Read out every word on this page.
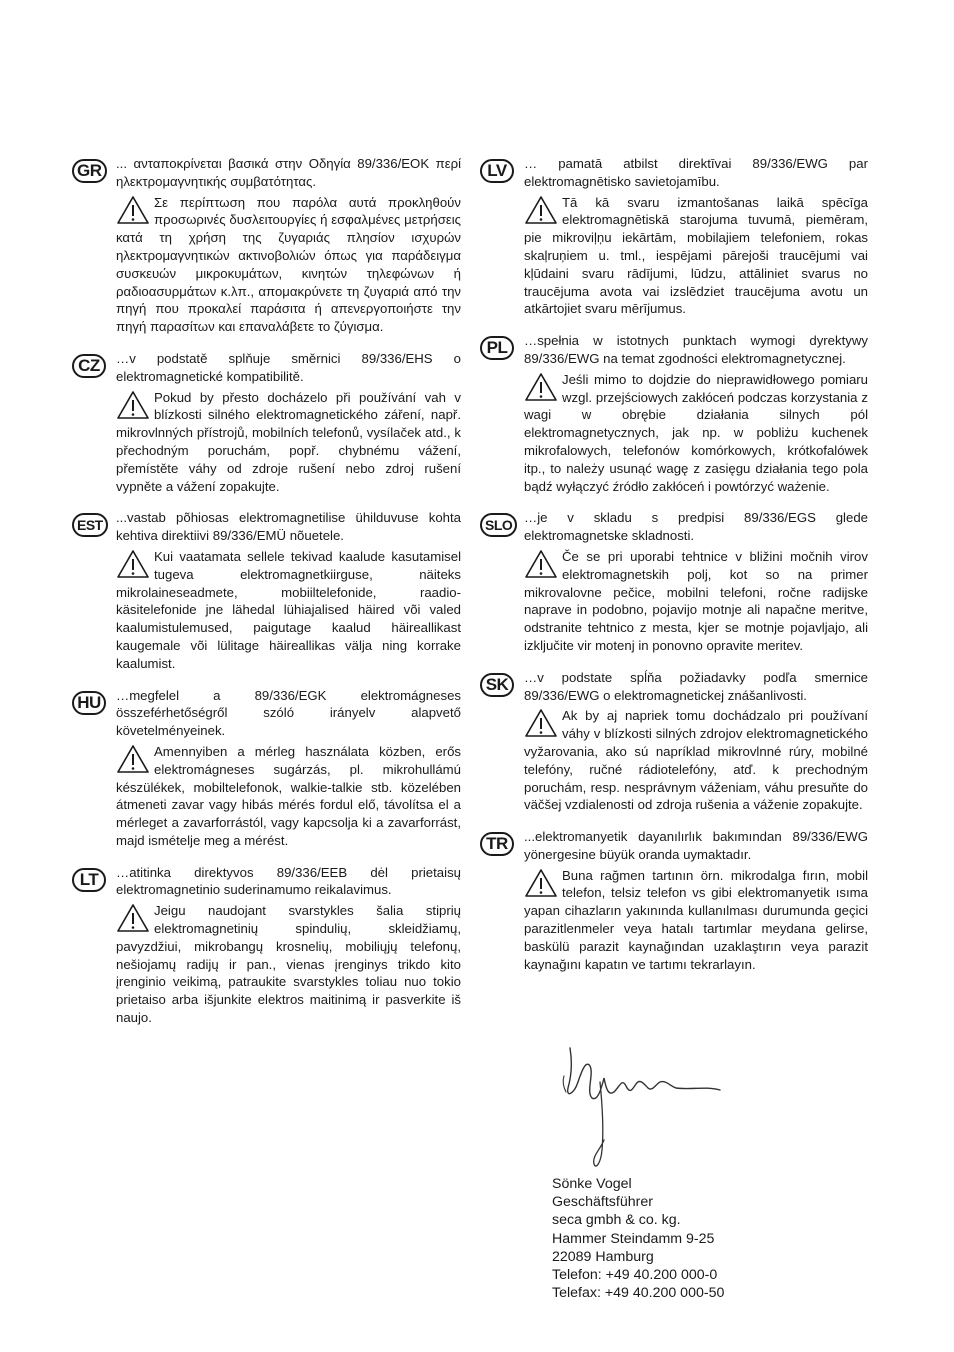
GR	... ανταποκρίνεται βασικά στην Οδηγία 89/336/ΕΟΚ περί ηλεκτρομαγνητικής συμβατότητας.

Σε περίπτωση που παρόλα αυτά προκληθούν προσωρινές δυσλειτουργίες ή εσφαλμένες μετρήσεις κατά τη χρήση της ζυγαριάς πλησίον ισχυρών ηλεκτρομαγνητικών ακτινοβολιών όπως για παράδειγμα συσκευών μικροκυμάτων, κινητών τηλεφώνων ή ραδιοασυρμάτων κ.λπ., απομακρύνετε τη ζυγαριά από την πηγή που προκαλεί παράσιτα ή απενεργοποιήστε την πηγή παρασίτων και επαναλάβετε το ζύγισμα.

CZ	…v podstatě splňuje směrnici 89/336/EHS o elektromagnetické kompatibilitě.

Pokud by přesto docházelo při používání vah v blízkosti silného elektromagnetického záření, např. mikrovlnných přístrojů, mobilních telefonů, vysílaček atd., k přechodným poruchám, popř. chybnému vážení, přemístěte váhy od zdroje rušení nebo zdroj rušení vypněte a vážení zopakujte.

EST	...vastab põhiosas elektromagnetilise ühilduvuse kohta kehtiva direktiivi 89/336/EMÜ nõuetele.

Kui vaatamata sellele tekivad kaalude kasutamisel tugeva elektromagnetkiirguse, näiteks mikrolaineseadmete, mobiiltelefonide, raadio-käsitelefonide jne lähedal lühiajalised häired või valed kaalumistulemused, paigutage kaalud häireallikast kaugemale või lülitage häireallikas välja ning korrake kaalumist.

HU	…megfelel a 89/336/EGK elektromágneses összeférhetőségről szóló irányelv alapvető követelményeinek.

Amennyiben a mérleg használata közben, erős elektromágneses sugárzás, pl. mikrohullámú készülékek, mobiltelefonok, walkie-talkie stb. közelében átmeneti zavar vagy hibás mérés fordul elő, távolítsa el a mérleget a zavarforrástól, vagy kapcsolja ki a zavarforrást, majd ismételje meg a mérést.

LT	…atitinka direktyvos 89/336/EEB dėl prietaisų elektromagnetinio suderinamumo reikalavimus.

Jeigu naudojant svarstykles šalia stiprių elektromagnetinių spindulių, skleidžiamų, pavyzdžiui, mikrobangų krosnelių, mobiliųjų telefonų, nešiojamų radijų ir pan., vienas įrenginys trikdo kito įrenginio veikimą, patraukite svarstykles toliau nuo tokio prietaiso arba išjunkite elektros maitinimą ir pasverkite iš naujo.

LV	… pamatā atbilst direktīvai 89/336/EWG par elektromagnētisko savietojamību.

Tā kā svaru izmantošanas laikā spēcīga elektromagnētiskā starojuma tuvumā, piemēram, pie mikroviļņu iekārtām, mobilajiem telefoniem, rokas skaļruņiem u. tml., iespējami pārejoši traucējumi vai kļūdaini svaru rādījumi, lūdzu, attāliniet svarus no traucējuma avota vai izslēdziet traucējuma avotu un atkārtojiet svaru mērījumus.

PL	…spełnia w istotnych punktach wymogi dyrektywy 89/336/EWG na temat zgodności elektromagnetycznej.

Jeśli mimo to dojdzie do nieprawidłowego pomiaru wzgl. przejściowych zakłóceń podczas korzystania z wagi w obrębie działania silnych pól elektromagnetycznych, jak np. w pobliżu kuchenek mikrofalowych, telefonów komórkowych, krótkofalówek itp., to należy usunąć wagę z zasięgu działania tego pola bądź wyłączyć źródło zakłóceń i powtórzyć ważenie.

SLO …je v skladu s predpisi 89/336/EGS glede elektromagnetske skladnosti.

Če se pri uporabi tehtnice v bližini močnih virov elektromagnetskih polj, kot so na primer mikrovalovne pečice, mobilni telefoni, ročne radijske naprave in podobno, pojavijo motnje ali napačne meritve, odstranite tehtnico z mesta, kjer se motnje pojavljajo, ali izključite vir motenj in ponovno opravite meritev.

SK	…v podstate spĺňa požiadavky podľa smernice 89/336/EWG o elektromagnetickej znášanlivosti.

Ak by aj napriek tomu dochádzalo pri používaní váhy v blízkosti silných zdrojov elektromagnetického vyžarovania, ako sú napríklad mikrovlnné rúry, mobilné telefóny, ručné rádiotelefóny, atď. k prechodným poruchám, resp. nesprávnym váženiam, váhu presuňte do väčšej vzdialenosti od zdroja rušenia a váženie zopakujte.

TR	...elektromanyetik dayanılırlık bakımından 89/336/EWG yönergesine büyük oranda uymaktadır.

Buna rağmen tartının örn. mikrodalga fırın, mobil telefon, telsiz telefon vs gibi elektromanyetik ısıma yapan cihazların yakınında kullanılması durumunda geçici parazitlenmeler veya hatalı tartımlar meydana gelirse, baskülü parazit kaynağından uzaklaştırın veya parazit kaynağını kapatın ve tartımı tekrarlayın.

Sönke Vogel
Geschäftsführer
seca gmbh & co. kg.
Hammer Steindamm 9-25
22089 Hamburg
Telefon: +49 40.200 000-0
Telefax: +49 40.200 000-50
